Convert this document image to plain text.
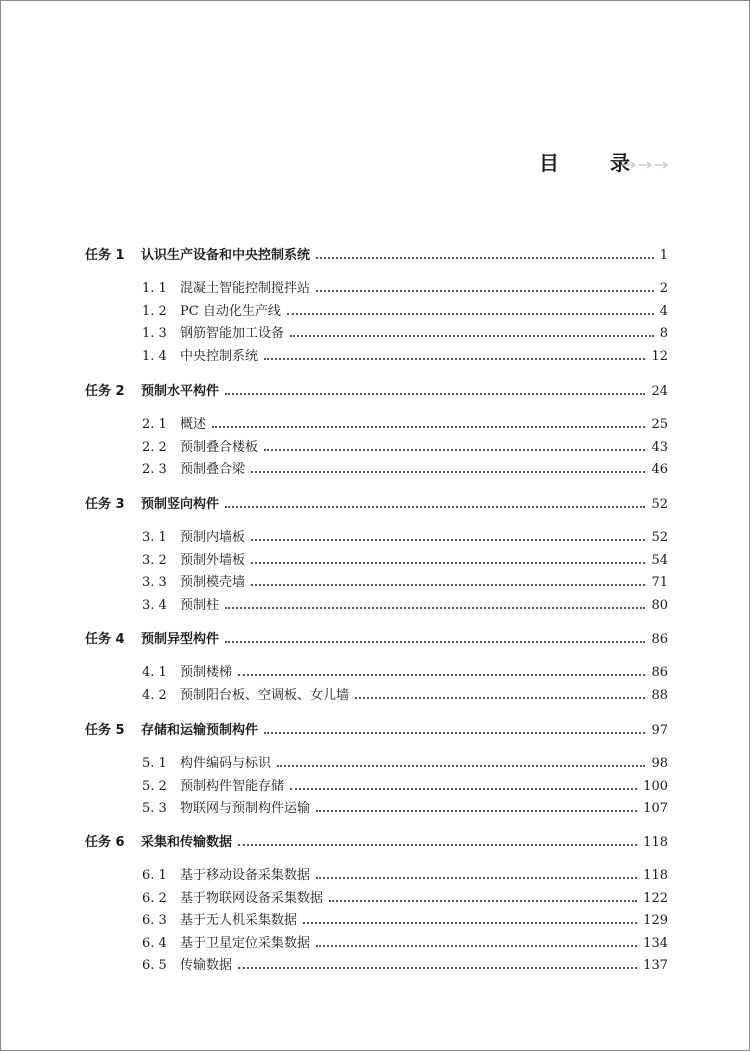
目 录
任务 1	认识生产设备和中央控制系统	1
1. 1	混凝土智能控制搅拌站	2
1. 2	PC 自动化生产线	4
1. 3	钢筋智能加工设备	8
1. 4	中央控制系统	12
任务 2	预制水平构件	24
2. 1	概述	25
2. 2	预制叠合楼板	43
2. 3	预制叠合梁	46
任务 3	预制竖向构件	52
3. 1	预制内墙板	52
3. 2	预制外墙板	54
3. 3	预制模壳墙	71
3. 4	预制柱	80
任务 4	预制异型构件	86
4. 1	预制楼梯	86
4. 2	预制阳台板、空调板、女儿墙	88
任务 5	存储和运输预制构件	97
5. 1	构件编码与标识	98
5. 2	预制构件智能存储	100
5. 3	物联网与预制构件运输	107
任务 6	采集和传输数据	118
6. 1	基于移动设备采集数据	118
6. 2	基于物联网设备采集数据	122
6. 3	基于无人机采集数据	129
6. 4	基于卫星定位采集数据	134
6. 5	传输数据	137
